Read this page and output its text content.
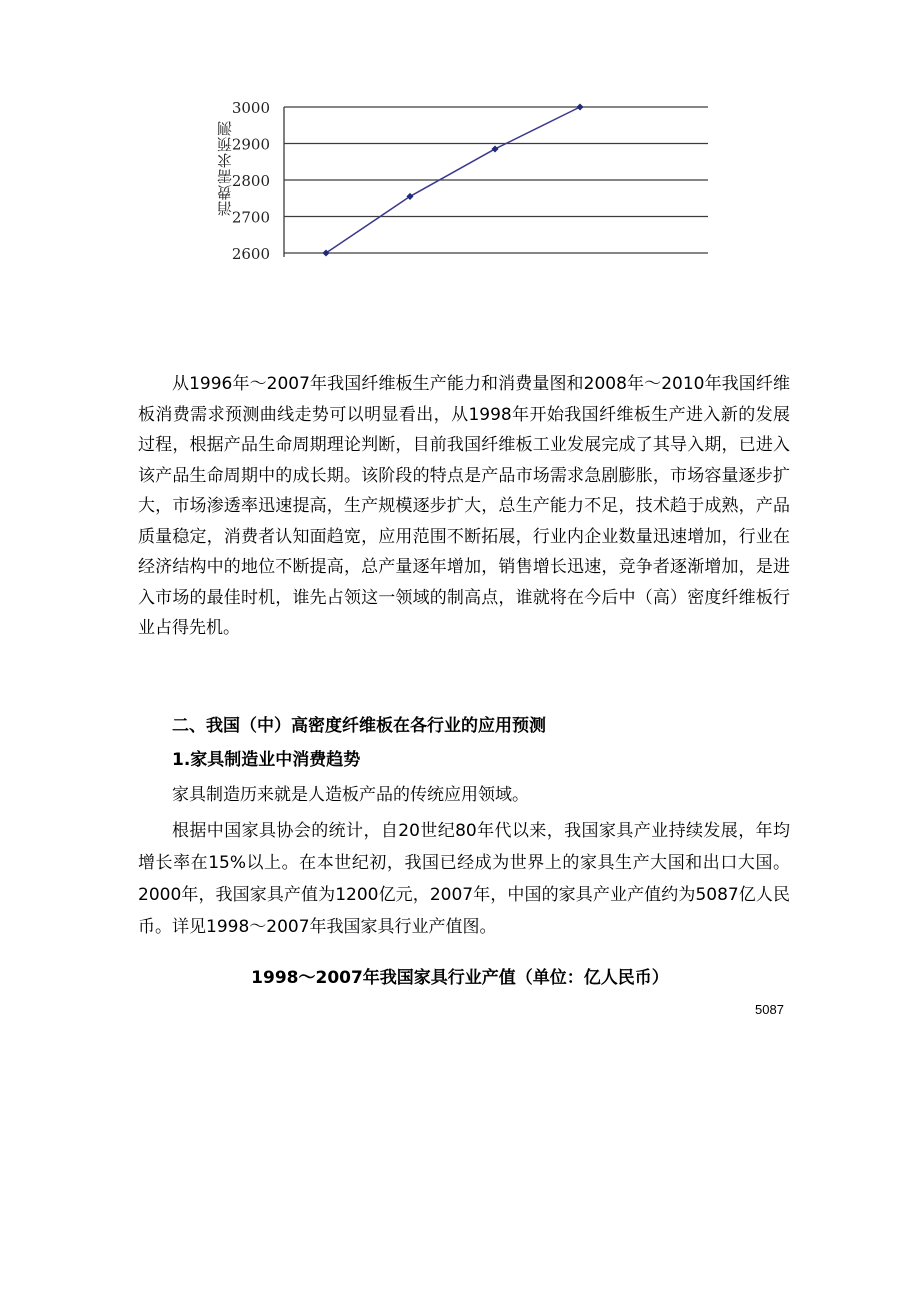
2600
2700
2800
2900
3000
消费需求预测

从1996年～2007年我国纤维板生产能力和消费量图和2008年～2010年我国纤维板消费需求预测曲线走势可以明显看出，从1998年开始我国纤维板生产进入新的发展过程，根据产品生命周期理论判断，目前我国纤维板工业发展完成了其导入期，已进入该产品生命周期中的成长期。该阶段的特点是产品市场需求急剧膨胀，市场容量逐步扩大，市场渗透率迅速提高，生产规模逐步扩大，总生产能力不足，技术趋于成熟，产品质量稳定，消费者认知面趋宽，应用范围不断拓展，行业内企业数量迅速增加，行业在经济结构中的地位不断提高，总产量逐年增加，销售增长迅速，竞争者逐渐增加，是进入市场的最佳时机，谁先占领这一领域的制高点，谁就将在今后中（高）密度纤维板行业占得先机。

二、我国（中）高密度纤维板在各行业的应用预测
1.家具制造业中消费趋势

家具制造历来就是人造板产品的传统应用领域。

根据中国家具协会的统计，自20世纪80年代以来，我国家具产业持续发展，年均增长率在15%以上。在本世纪初，我国已经成为世界上的家具生产大国和出口大国。2000年，我国家具产值为1200亿元，2007年，中国的家具产业产值约为5087亿人民币。详见1998～2007年我国家具行业产值图。

1998～2007年我国家具行业产值（单位：亿人民币）
5087
